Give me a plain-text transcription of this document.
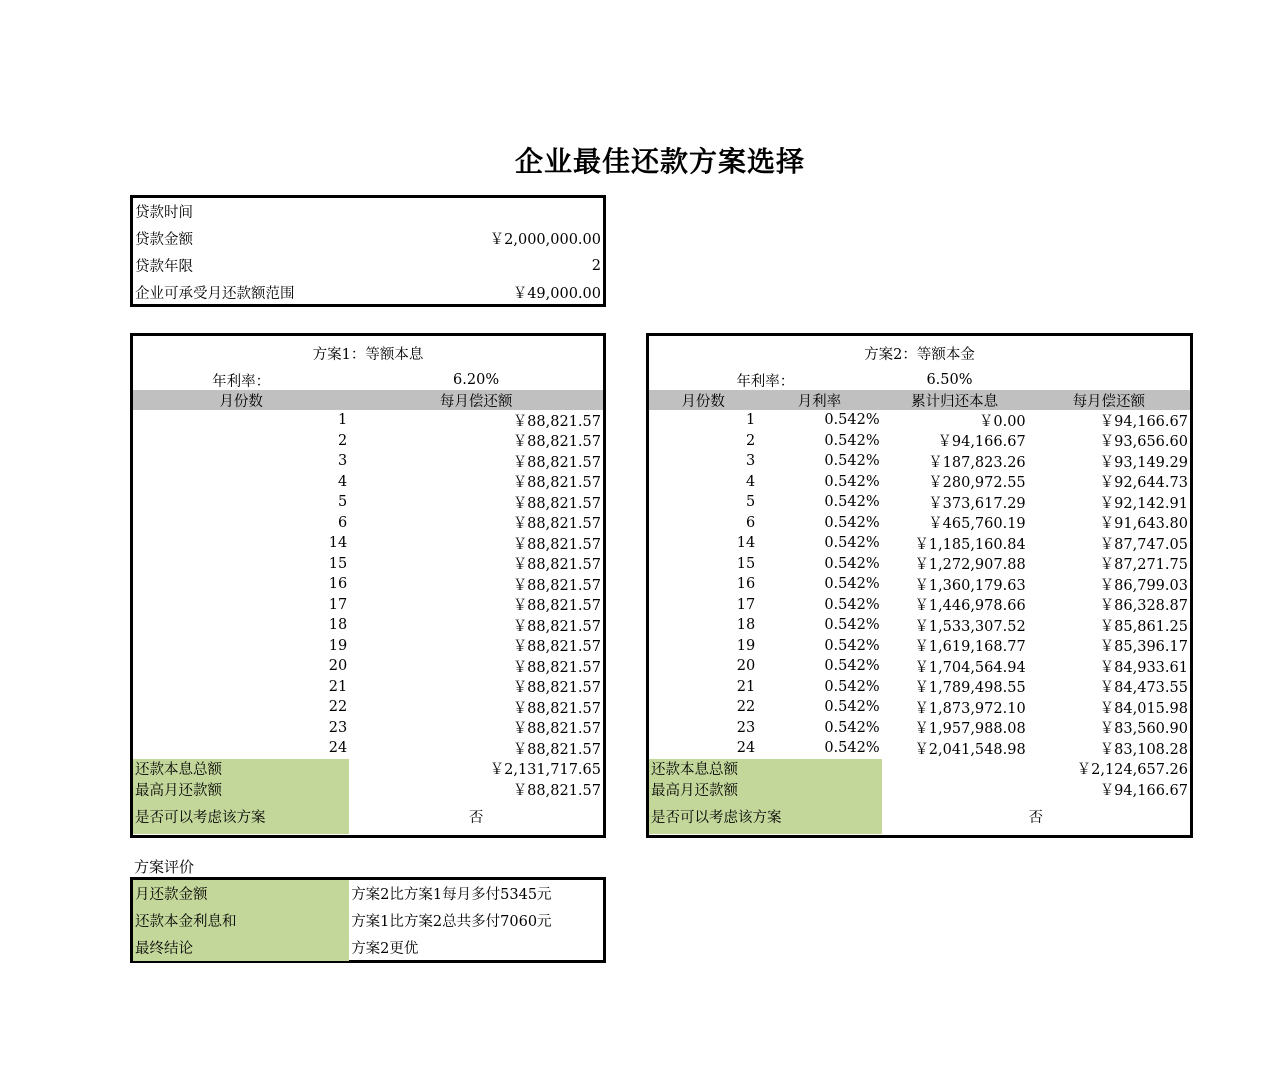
企业最佳还款方案选择
贷款时间
贷款金额	￥2,000,000.00
贷款年限	2
企业可承受月还款额范围	￥49,000.00
方案1：等额本息
年利率：	6.20%
月份数	每月偿还额
1	￥88,821.57
2	￥88,821.57
3	￥88,821.57
4	￥88,821.57
5	￥88,821.57
6	￥88,821.57
14	￥88,821.57
15	￥88,821.57
16	￥88,821.57
17	￥88,821.57
18	￥88,821.57
19	￥88,821.57
20	￥88,821.57
21	￥88,821.57
22	￥88,821.57
23	￥88,821.57
24	￥88,821.57
还款本息总额	￥2,131,717.65
最高月还款额	￥88,821.57
是否可以考虑该方案	否
方案2：等额本金
年利率：	6.50%
月份数	月利率	累计归还本息	每月偿还额
1	0.542%	￥0.00	￥94,166.67
2	0.542%	￥94,166.67	￥93,656.60
3	0.542%	￥187,823.26	￥93,149.29
4	0.542%	￥280,972.55	￥92,644.73
5	0.542%	￥373,617.29	￥92,142.91
6	0.542%	￥465,760.19	￥91,643.80
14	0.542%	￥1,185,160.84	￥87,747.05
15	0.542%	￥1,272,907.88	￥87,271.75
16	0.542%	￥1,360,179.63	￥86,799.03
17	0.542%	￥1,446,978.66	￥86,328.87
18	0.542%	￥1,533,307.52	￥85,861.25
19	0.542%	￥1,619,168.77	￥85,396.17
20	0.542%	￥1,704,564.94	￥84,933.61
21	0.542%	￥1,789,498.55	￥84,473.55
22	0.542%	￥1,873,972.10	￥84,015.98
23	0.542%	￥1,957,988.08	￥83,560.90
24	0.542%	￥2,041,548.98	￥83,108.28
还款本息总额	￥2,124,657.26
最高月还款额	￥94,166.67
是否可以考虑该方案	否
方案评价
月还款金额	方案2比方案1每月多付5345元
还款本金利息和	方案1比方案2总共多付7060元
最终结论	方案2更优
